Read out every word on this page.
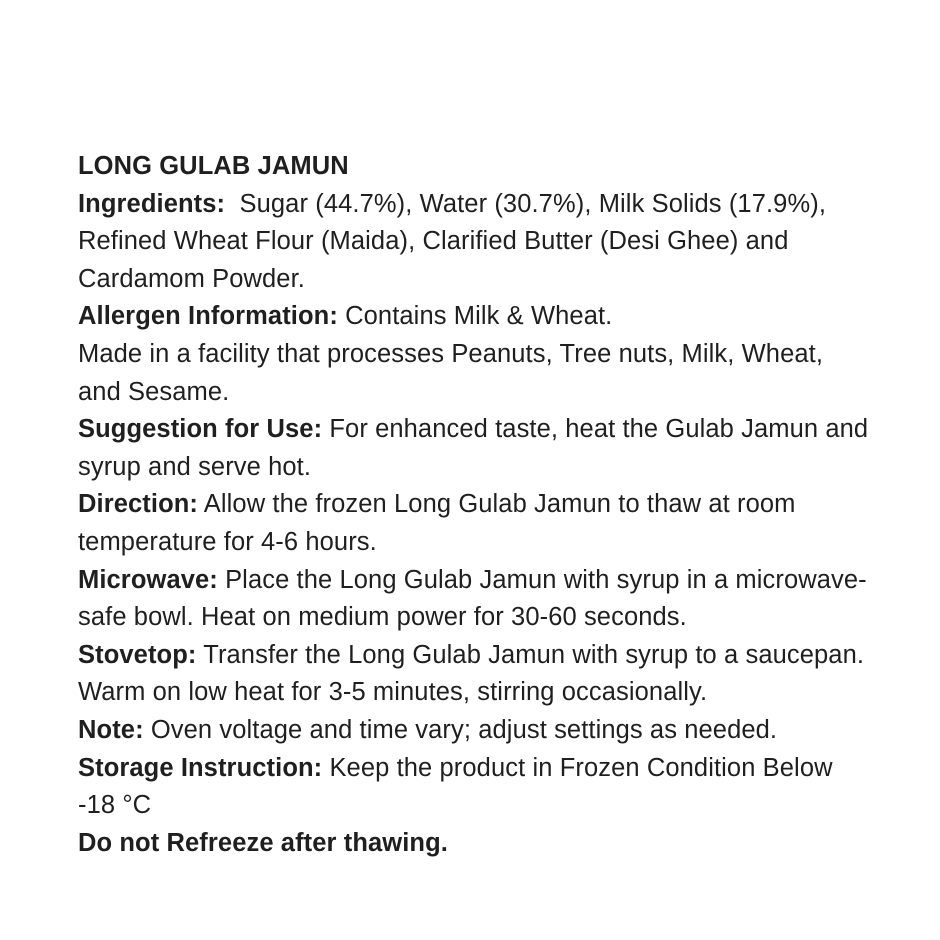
LONG GULAB JAMUN

Ingredients:  Sugar (44.7%), Water (30.7%), Milk Solids (17.9%), Refined Wheat Flour (Maida), Clarified Butter (Desi Ghee) and Cardamom Powder.

Allergen Information: Contains Milk & Wheat.

Made in a facility that processes Peanuts, Tree nuts, Milk, Wheat, and Sesame.

Suggestion for Use: For enhanced taste, heat the Gulab Jamun and syrup and serve hot.

Direction: Allow the frozen Long Gulab Jamun to thaw at room temperature for 4-6 hours.

Microwave: Place the Long Gulab Jamun with syrup in a microwave-safe bowl. Heat on medium power for 30-60 seconds.

Stovetop: Transfer the Long Gulab Jamun with syrup to a saucepan. Warm on low heat for 3-5 minutes, stirring occasionally.

Note: Oven voltage and time vary; adjust settings as needed.

Storage Instruction: Keep the product in Frozen Condition Below -18 °C

Do not Refreeze after thawing.
